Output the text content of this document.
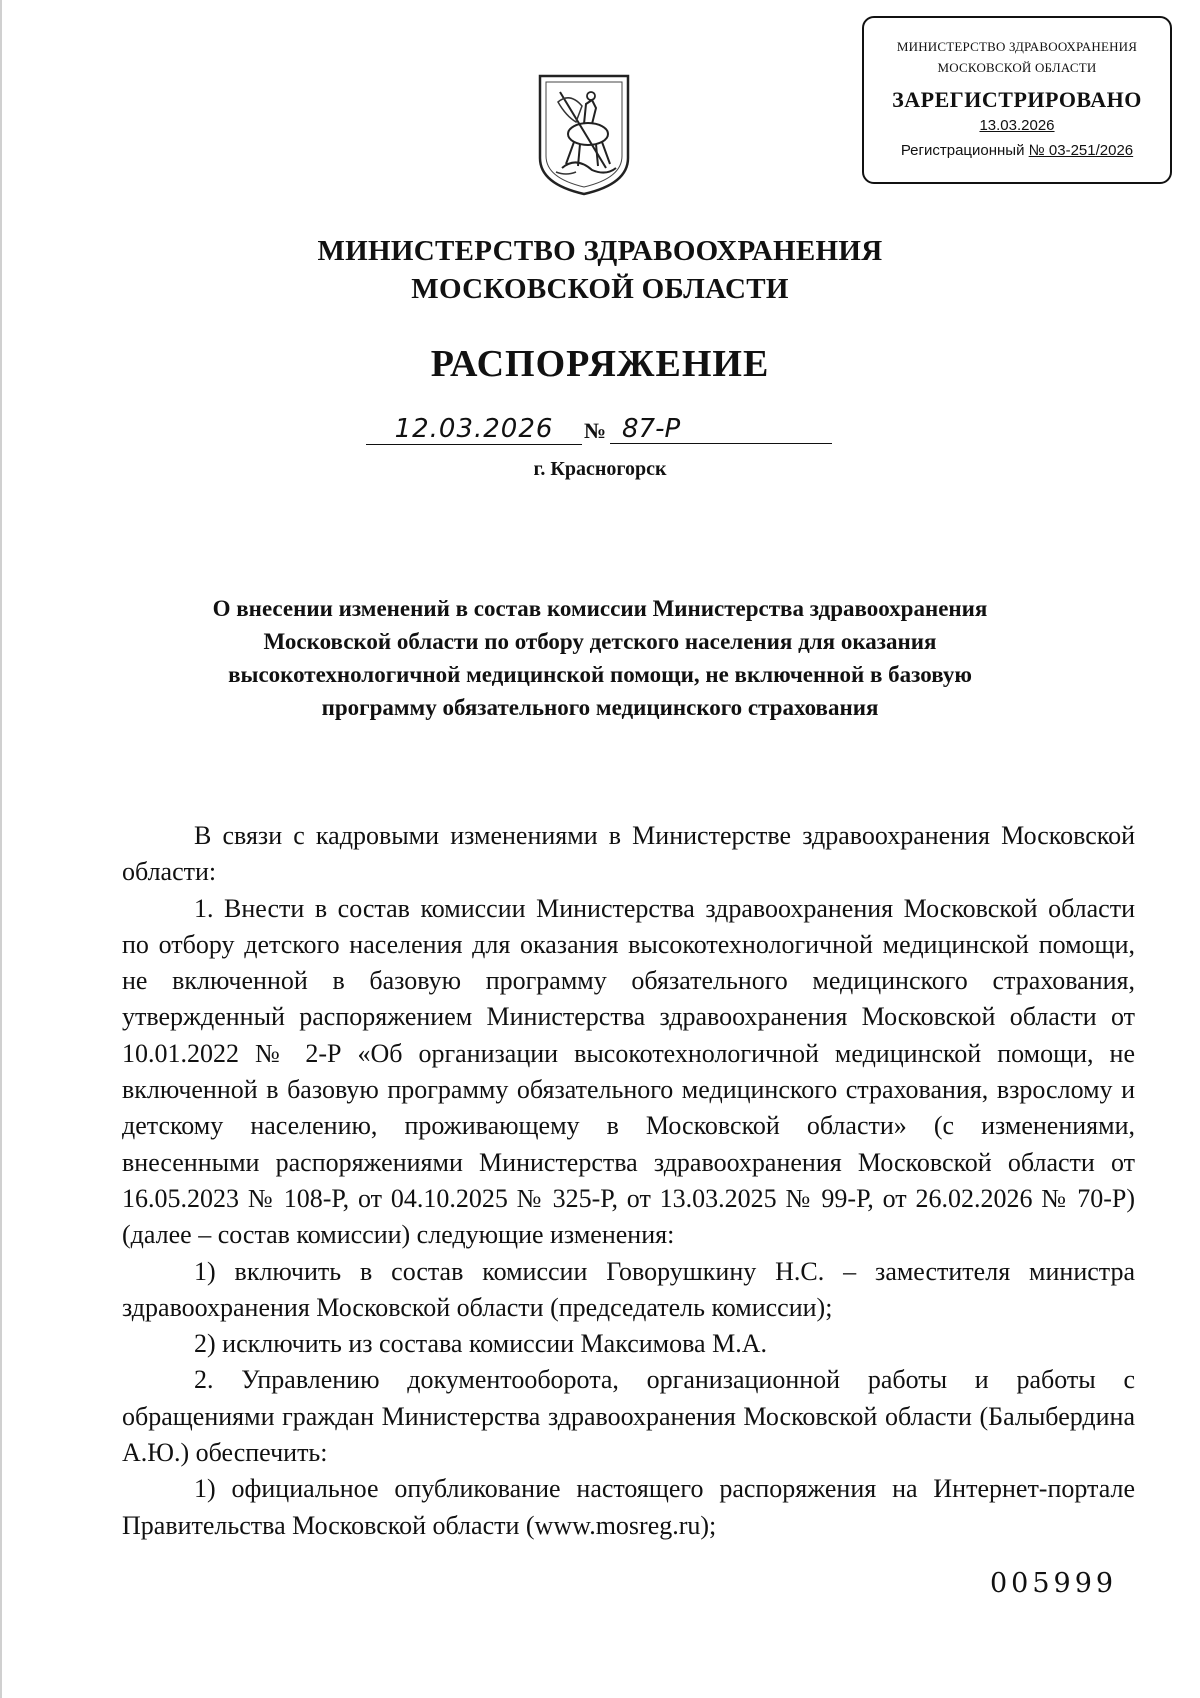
МИНИСТЕРСТВО ЗДРАВООХРАНЕНИЯ
МОСКОВСКОЙ ОБЛАСТИ
ЗАРЕГИСТРИРОВАНО
13.03.2026
Регистрационный № 03-251/2026
МИНИСТЕРСТВО ЗДРАВООХРАНЕНИЯ
МОСКОВСКОЙ ОБЛАСТИ
РАСПОРЯЖЕНИЕ
12.03.2026	№ 87-Р
г. Красногорск
О внесении изменений в состав комиссии Министерства здравоохранения
Московской области по отбору детского населения для оказания
высокотехнологичной медицинской помощи, не включенной в базовую
программу обязательного медицинского страхования

В связи с кадровыми изменениями в Министерстве здравоохранения Московской области:

1. Внести в состав комиссии Министерства здравоохранения Московской области по отбору детского населения для оказания высокотехнологичной медицинской помощи, не включенной в базовую программу обязательного медицинского страхования, утвержденный распоряжением Министерства здравоохранения Московской области от 10.01.2022 № 2-Р «Об организации высокотехнологичной медицинской помощи, не включенной в базовую программу обязательного медицинского страхования, взрослому и детскому населению, проживающему в Московской области» (с изменениями, внесенными распоряжениями Министерства здравоохранения Московской области от 16.05.2023 № 108-Р, от 04.10.2025 № 325-Р, от 13.03.2025 № 99-Р, от 26.02.2026 № 70-Р) (далее – состав комиссии) следующие изменения:

1) включить в состав комиссии Говорушкину Н.С. – заместителя министра здравоохранения Московской области (председатель комиссии);

2) исключить из состава комиссии Максимова М.А.

2. Управлению документооборота, организационной работы и работы с обращениями граждан Министерства здравоохранения Московской области (Балыбердина А.Ю.) обеспечить:

1) официальное опубликование настоящего распоряжения на Интернет-портале Правительства Московской области (www.mosreg.ru);

005999
